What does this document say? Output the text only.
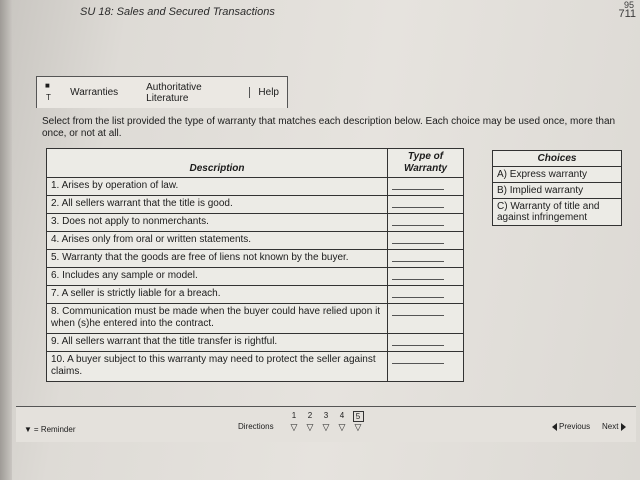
SU 18: Sales and Secured Transactions
95
711
■
T	Warranties	Authoritative Literature	Help
Select from the list provided the type of warranty that matches each description below. Each choice may be used once, more than once, or not at all.
Description	Type of Warranty
1. Arises by operation of law.	

2. All sellers warrant that the title is good.	

3. Does not apply to nonmerchants.	

4. Arises only from oral or written statements.	

5. Warranty that the goods are free of liens not known by the buyer.	

6. Includes any sample or model.	

7. A seller is strictly liable for a breach.	

8. Communication must be made when the buyer could have relied upon it when (s)he entered into the contract.	

9. All sellers warrant that the title transfer is rightful.	

10. A buyer subject to this warranty may need to protect the seller against claims.	
Choices
A) Express warranty
B) Implied warranty
C) Warranty of title and against infringement
▼ = Reminder	Directions
1
▽
2
▽
3
▽
4
▽
5
▽	Previous Next
